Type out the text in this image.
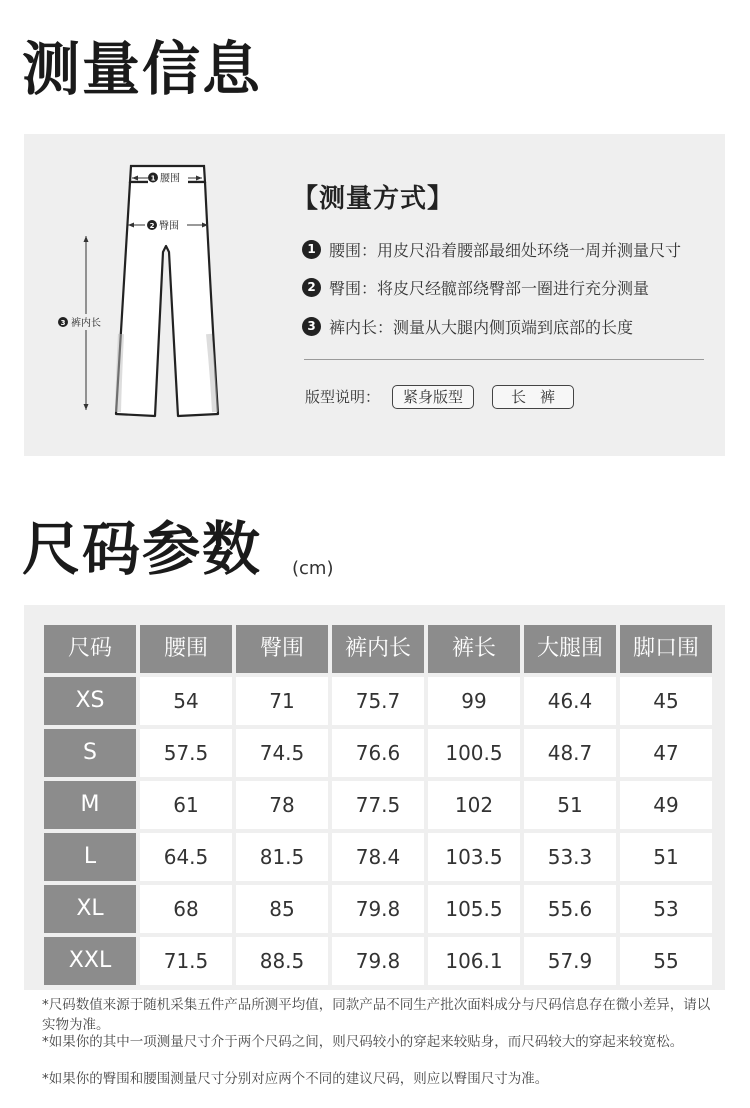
测量信息
1 腰围
2 臀围
3 裤内长
【测量方式】
1 腰围：用皮尺沿着腰部最细处环绕一周并测量尺寸
2 臀围：将皮尺经髋部绕臀部一圈进行充分测量
3 裤内长：测量从大腿内侧顶端到底部的长度
版型说明：	紧身版型	长裤
尺码参数 (cm)
尺码	腰围	臀围	裤内长	裤长	大腿围	脚口围
XS	54	71	75.7	99	46.4	45
S	57.5	74.5	76.6	100.5	48.7	47
M	61	78	77.5	102	51	49
L	64.5	81.5	78.4	103.5	53.3	51
XL	68	85	79.8	105.5	55.6	53
XXL	71.5	88.5	79.8	106.1	57.9	55
*尺码数值来源于随机采集五件产品所测平均值，同款产品不同生产批次面料成分与尺码信息存在微小差异，请以实物为准。
*如果你的其中一项测量尺寸介于两个尺码之间，则尺码较小的穿起来较贴身，而尺码较大的穿起来较宽松。
*如果你的臀围和腰围测量尺寸分别对应两个不同的建议尺码，则应以臀围尺寸为准。
